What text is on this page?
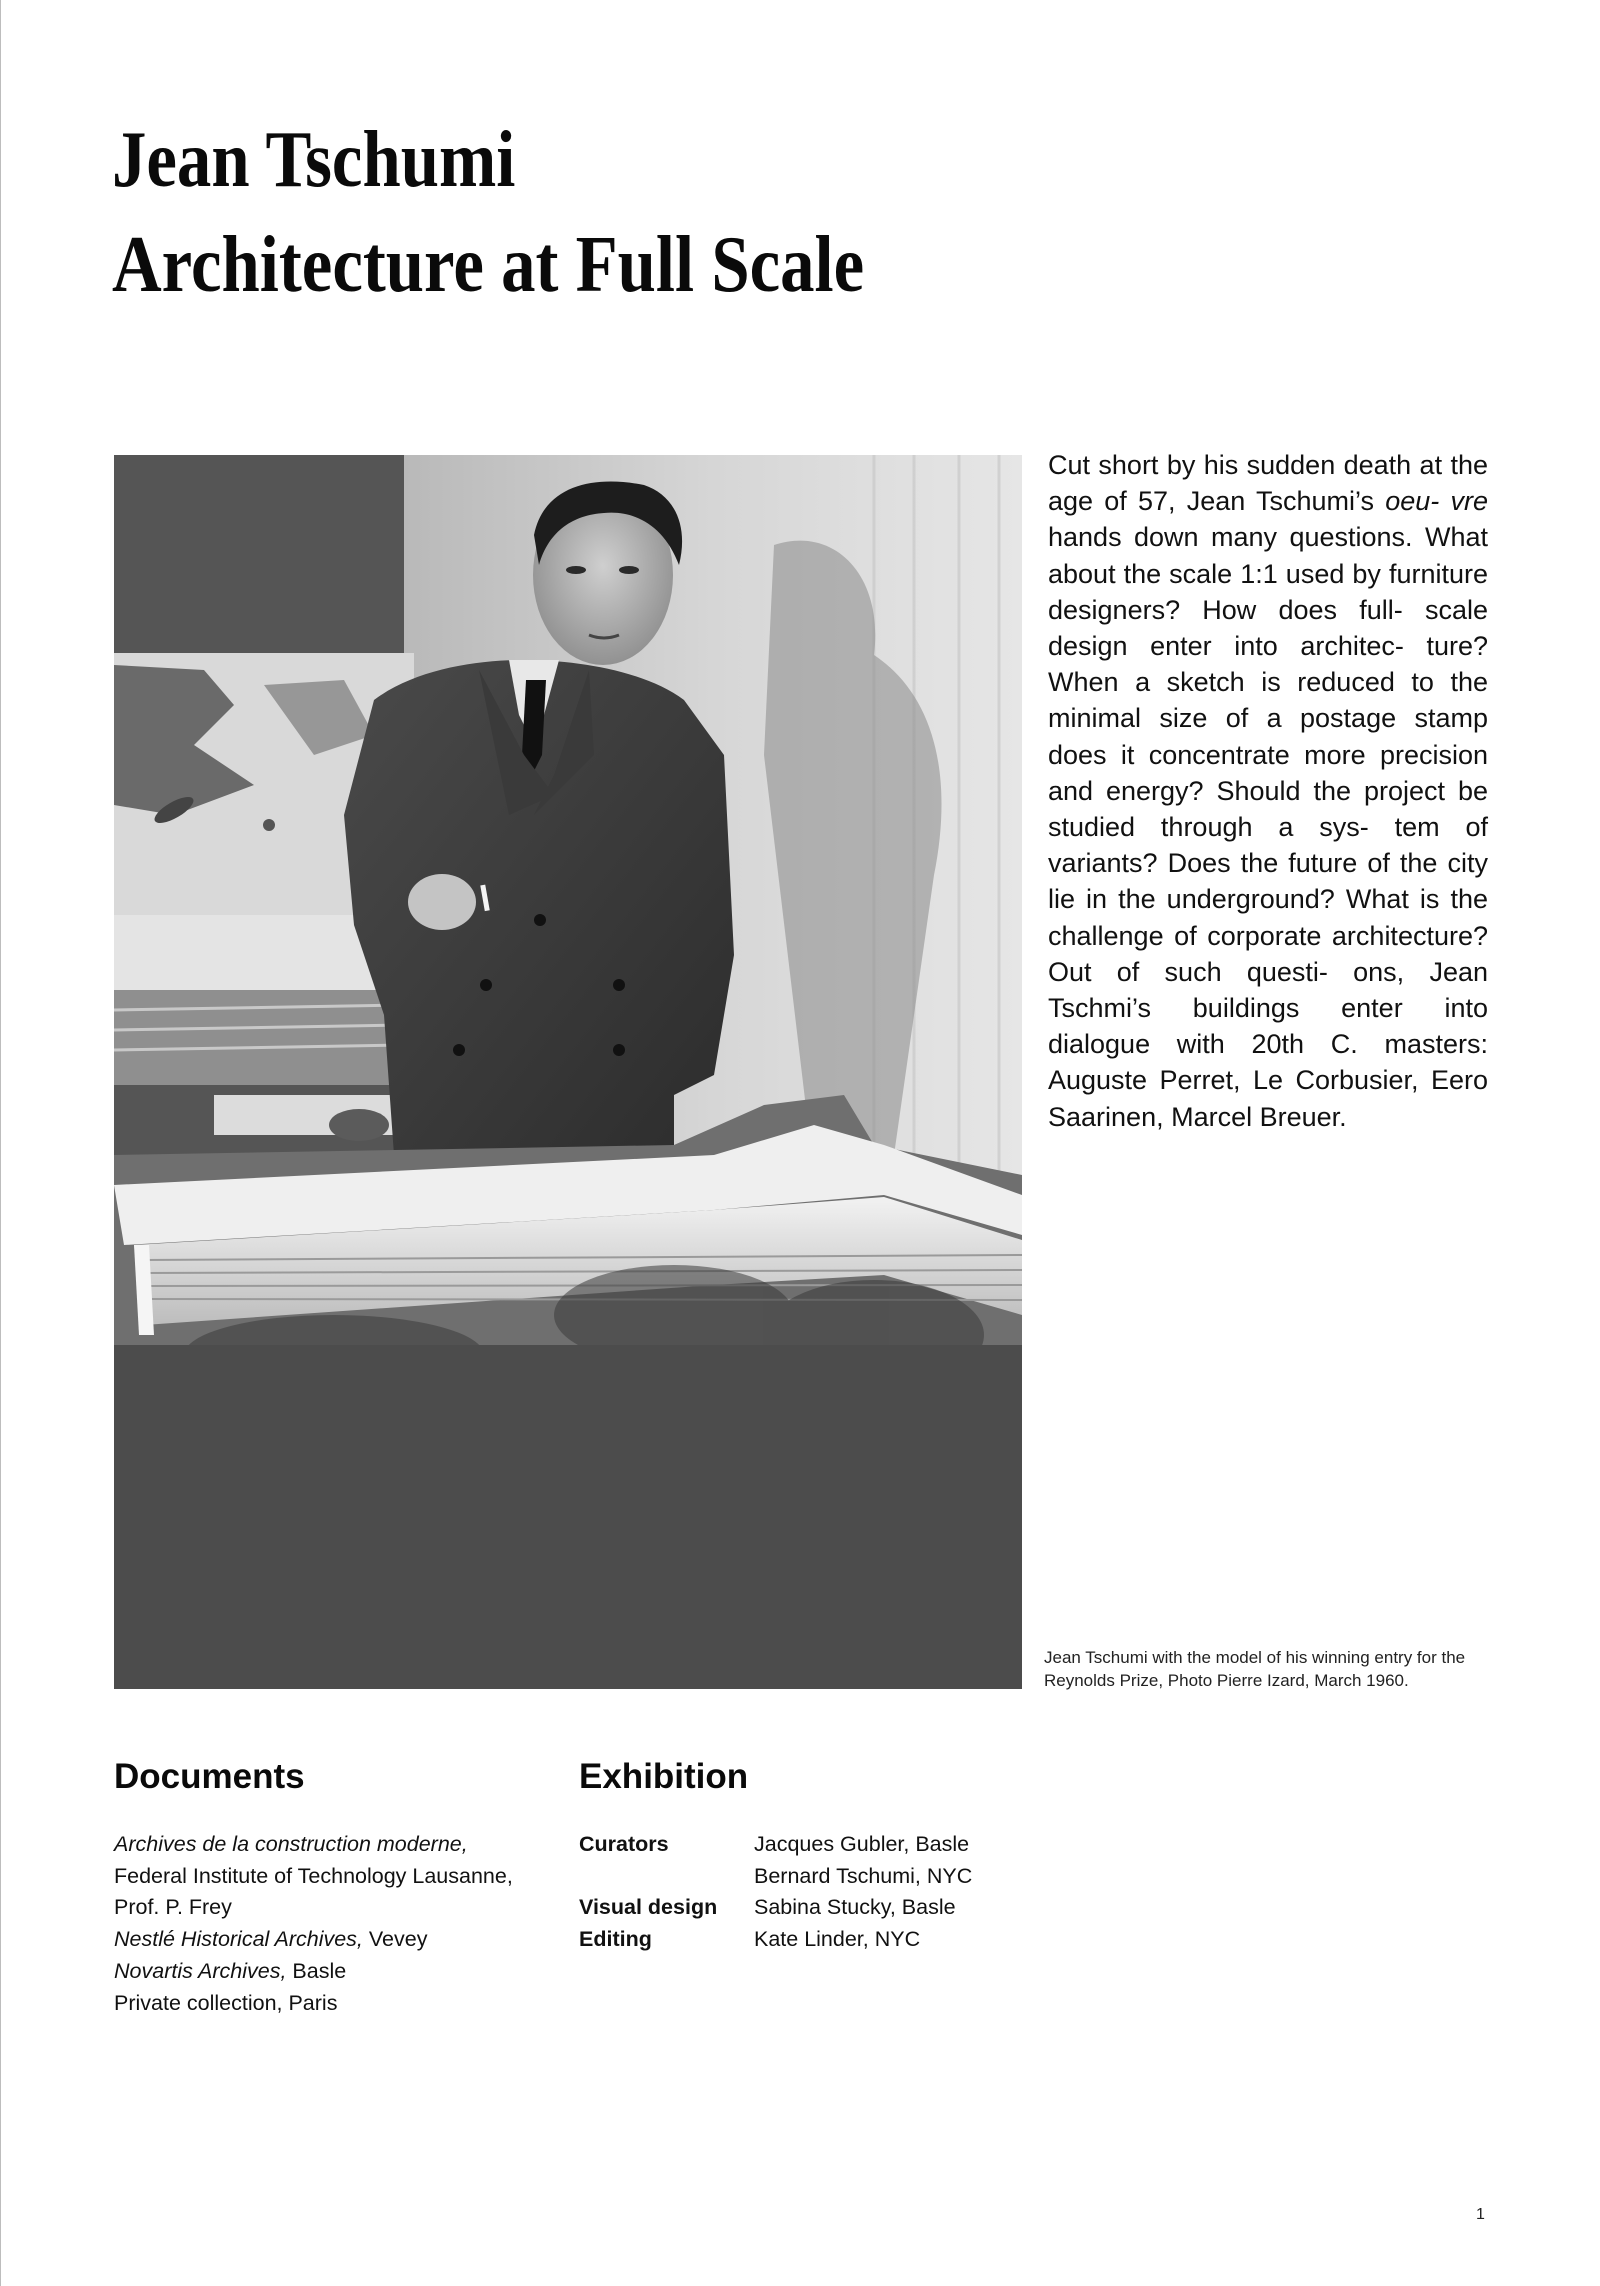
Jean Tschumi
Architecture at Full Scale

Cut short by his sudden death at the age of 57, Jean Tschumi’s oeu- vre hands down many questions. What about the scale 1:1 used by furniture designers? How does full- scale design enter into architec- ture? When a sketch is reduced to the minimal size of a postage stamp does it concentrate more precision and energy? Should the project be studied through a sys- tem of variants? Does the future of the city lie in the underground? What is the challenge of corporate architecture? Out of such questi- ons, Jean Tschmi’s buildings enter into dialogue with 20th C. masters: Auguste Perret, Le Corbusier, Eero Saarinen, Marcel Breuer.

Jean Tschumi with the model of his winning entry for the
Reynolds Prize, Photo Pierre Izard, March 1960.

Documents
Archives de la construction moderne,
Federal Institute of Technology Lausanne,
Prof. P. Frey
Nestlé Historical Archives, Vevey
Novartis Archives, Basle
Private collection, Paris
Exhibition
Curators	Jacques Gubler, Basle
Bernard Tschumi, NYC
Visual design	Sabina Stucky, Basle
Editing	Kate Linder, NYC
1
